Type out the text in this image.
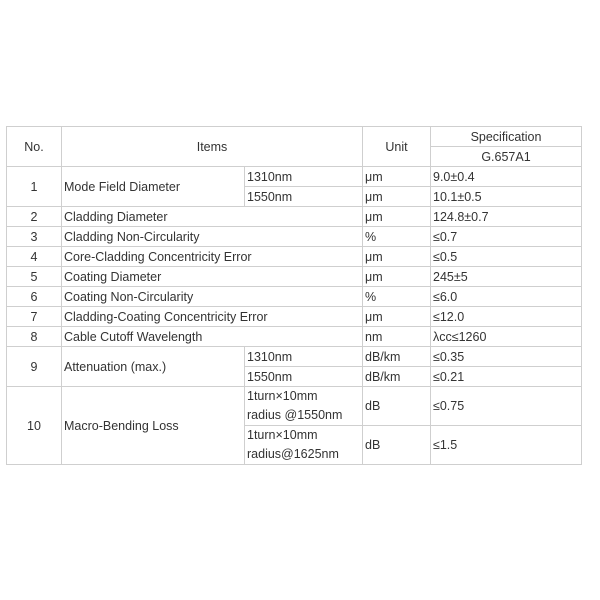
No.	Items		Unit	Specification
				G.657A1
1	Mode Field Diameter	1310nm	μm	9.0±0.4
		1550nm	μm	10.1±0.5
2	Cladding Diameter		μm	124.8±0.7
3	Cladding Non-Circularity		%	≤0.7
4	Core-Cladding Concentricity Error		μm	≤0.5
5	Coating Diameter		μm	245±5
6	Coating Non-Circularity		%	≤6.0
7	Cladding-Coating Concentricity Error		μm	≤12.0
8	Cable Cutoff Wavelength		nm	λcc≤1260
9	Attenuation (max.)	1310nm	dB/km	≤0.35
		1550nm	dB/km	≤0.21
10	Macro-Bending Loss	1turn×10mm
radius @1550nm	dB	≤0.75
		1turn×10mm
radius@1625nm	dB	≤1.5
